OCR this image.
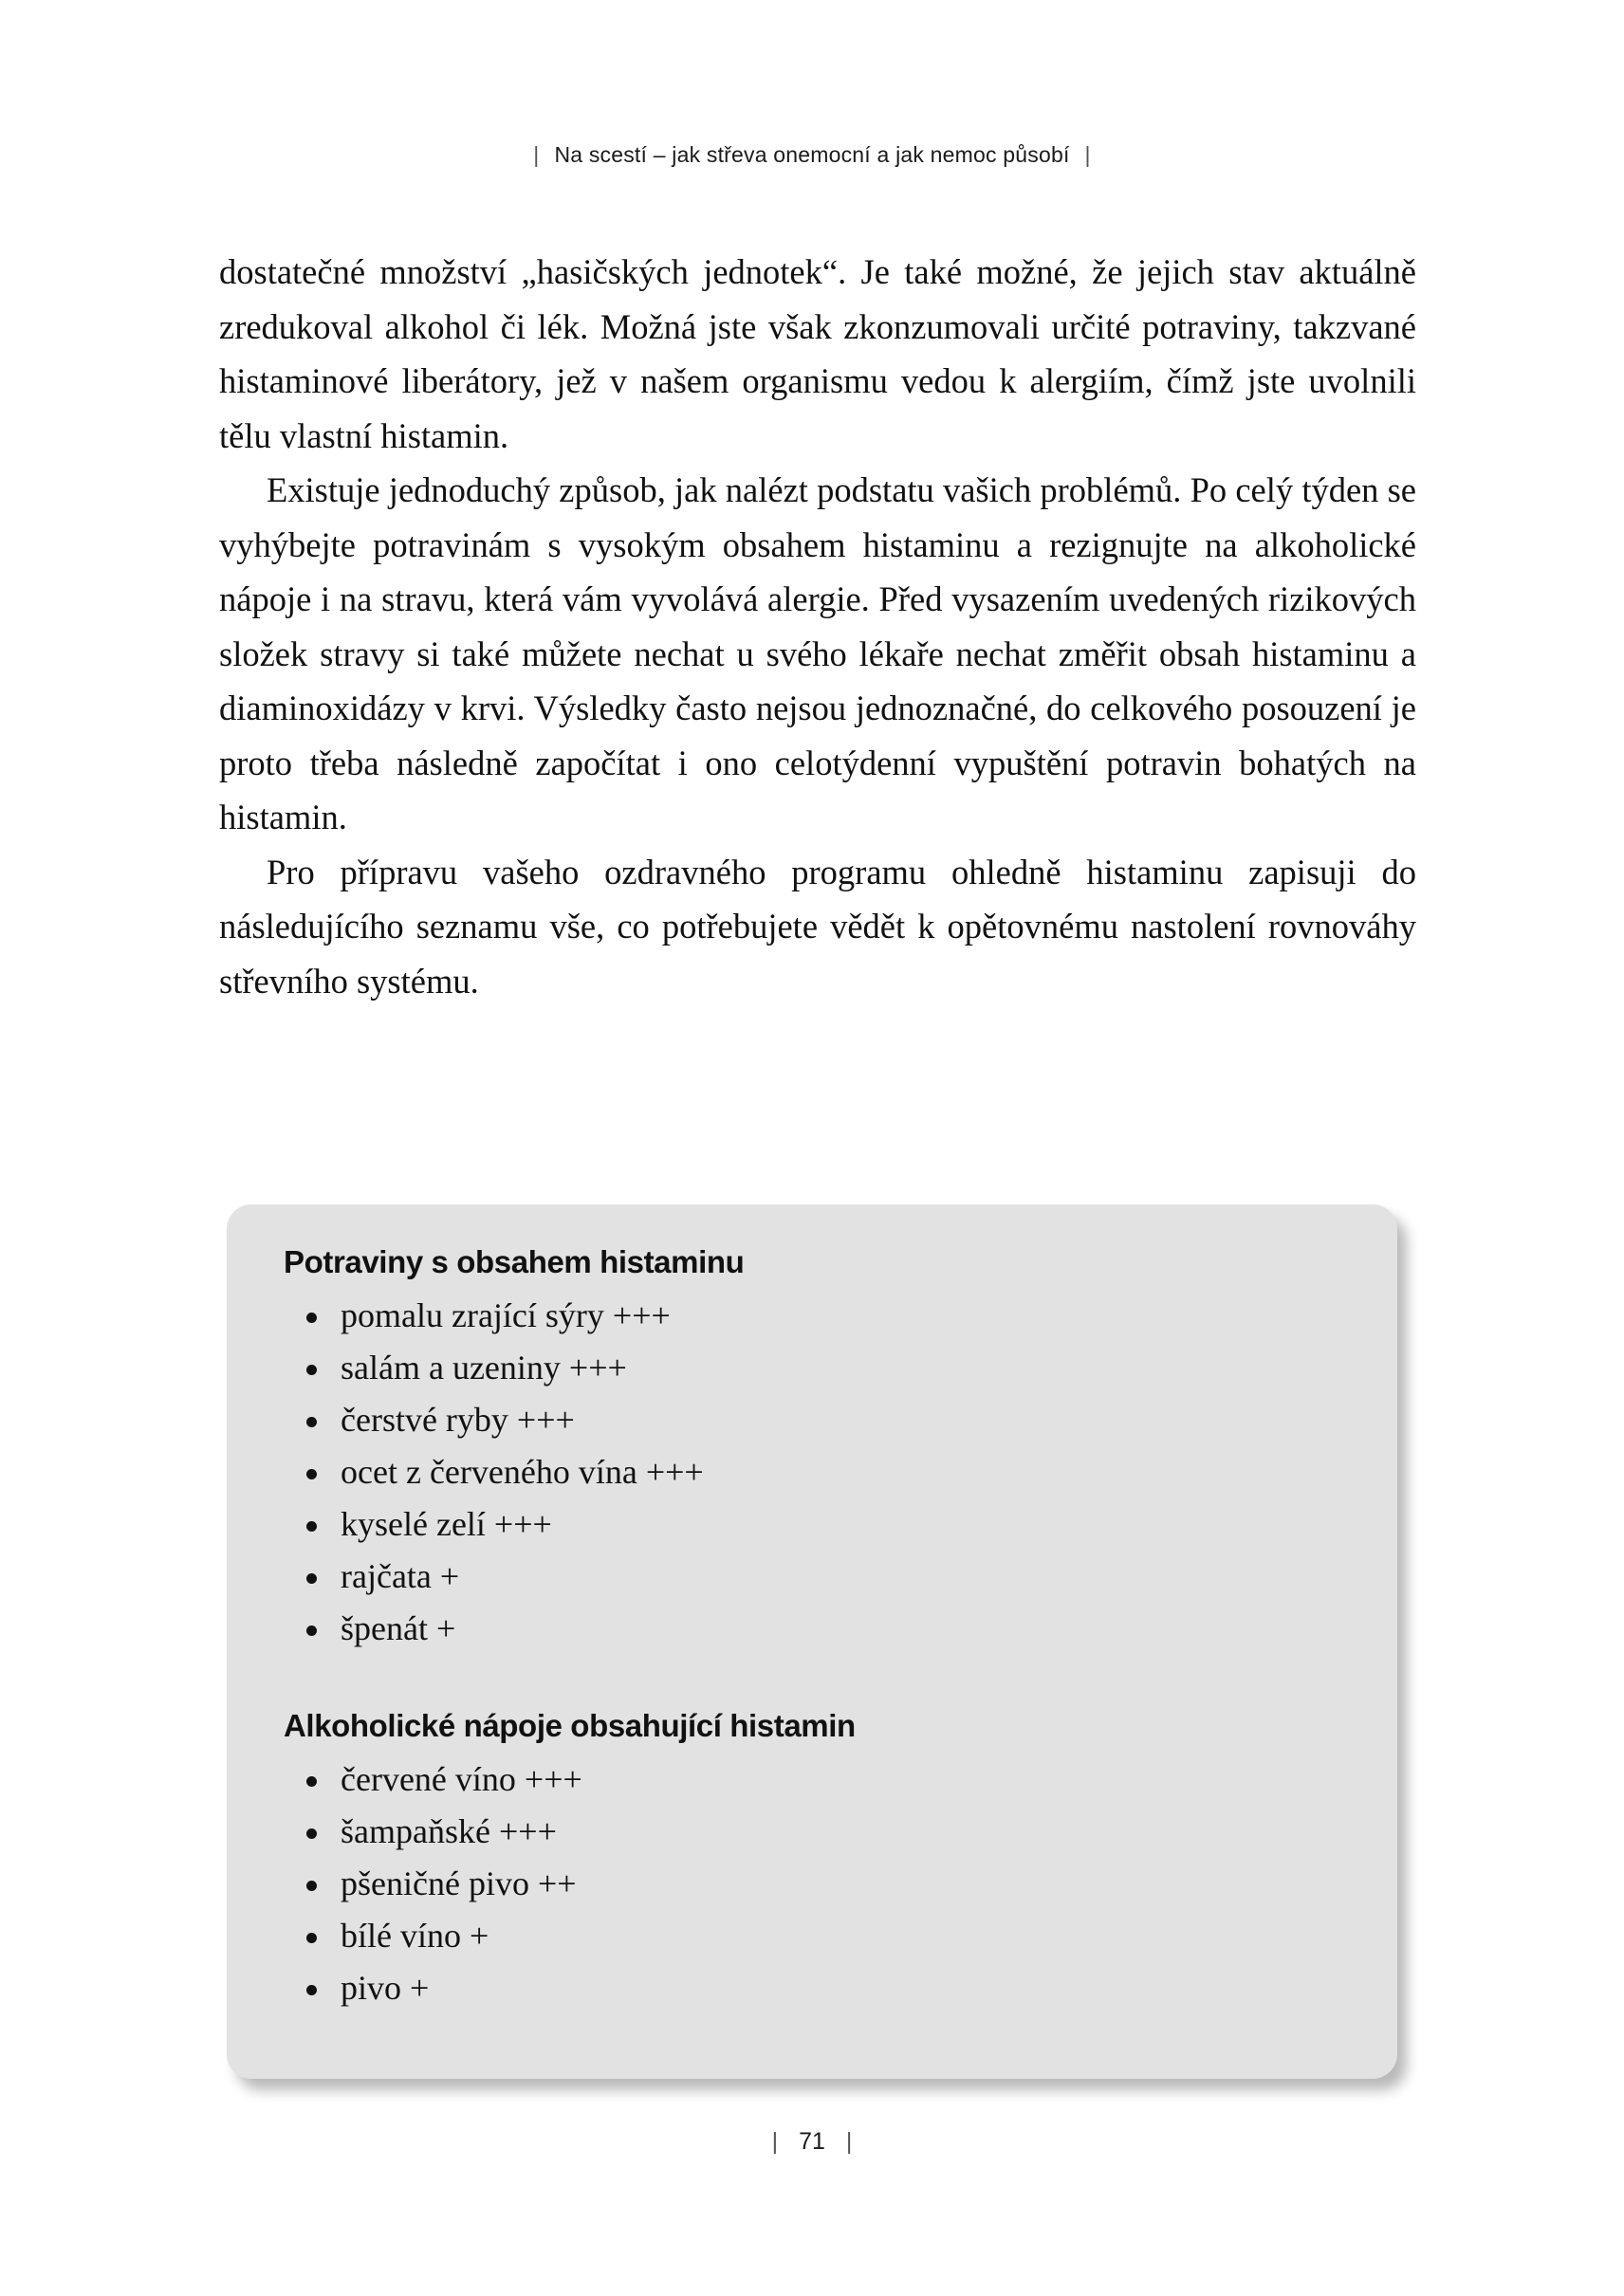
| Na scestí – jak střeva onemocní a jak nemoc působí |

dostatečné množství „hasičských jednotek“. Je také možné, že jejich stav aktuálně zredukoval alkohol či lék. Možná jste však zkonzumovali určité potraviny, takzvané histaminové liberátory, jež v našem organismu vedou k alergiím, čímž jste uvolnili tělu vlastní histamin.

Existuje jednoduchý způsob, jak nalézt podstatu vašich problémů. Po celý týden se vyhýbejte potravinám s vysokým obsahem histaminu a rezignujte na alkoholické nápoje i na stravu, která vám vyvolává alergie. Před vysazením uvedených rizikových složek stravy si také můžete nechat u svého lékaře nechat změřit obsah histaminu a diaminoxidázy v krvi. Výsledky často nejsou jednoznačné, do celkového posouzení je proto třeba následně započítat i ono celotýdenní vypuštění potravin bohatých na histamin.

Pro přípravu vašeho ozdravného programu ohledně histaminu zapisuji do následujícího seznamu vše, co potřebujete vědět k opětovnému nastolení rovnováhy střevního systému.

Potraviny s obsahem histaminu
pomalu zrající sýry +++
salám a uzeniny +++
čerstvé ryby +++
ocet z červeného vína +++
kyselé zelí +++
rajčata +
špenát +
Alkoholické nápoje obsahující histamin
červené víno +++
šampaňské +++
pšeničné pivo ++
bílé víno +
pivo +
| 71 |
